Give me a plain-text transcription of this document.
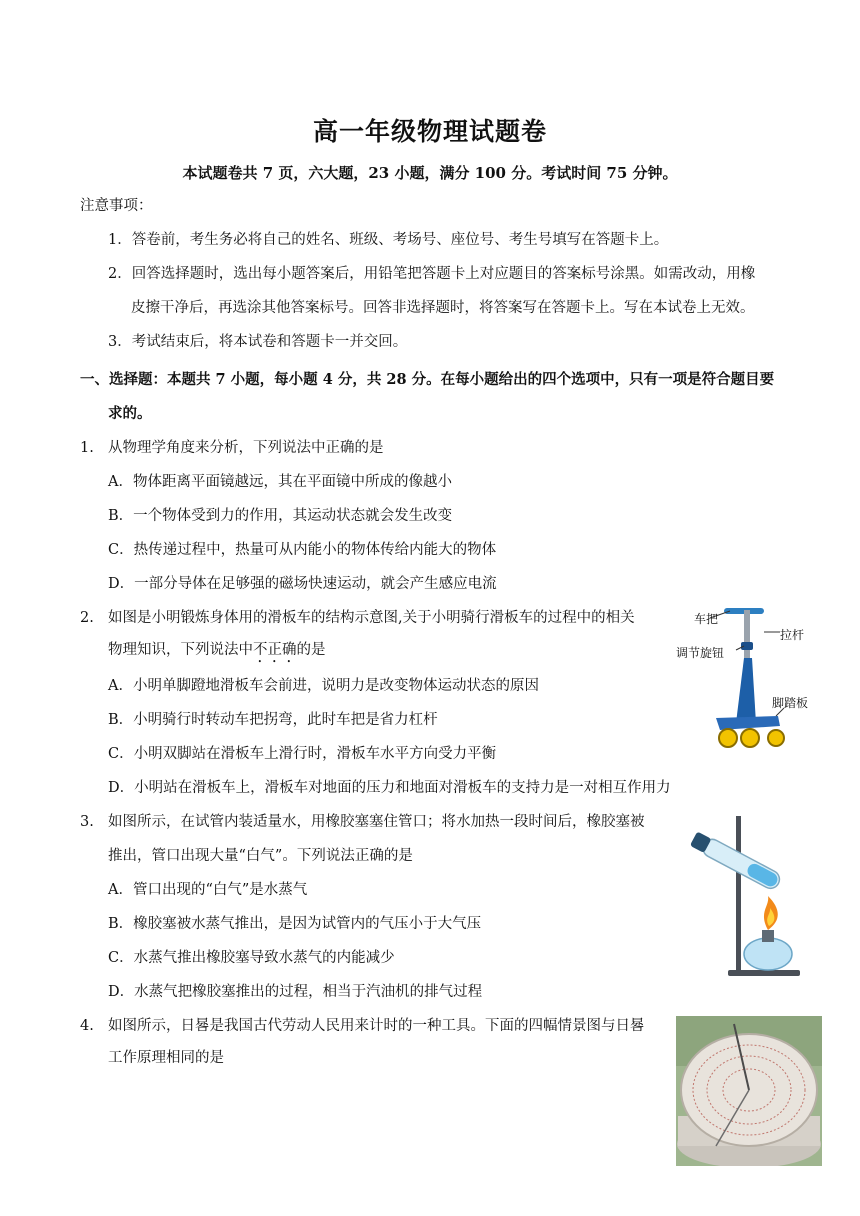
高一年级物理试题卷
本试题卷共 7 页，六大题，23 小题，满分 100 分。考试时间 75 分钟。
注意事项：
1．答卷前，考生务必将自己的姓名、班级、考场号、座位号、考生号填写在答题卡上。
2．回答选择题时，选出每小题答案后，用铅笔把答题卡上对应题目的答案标号涂黑。如需改动，用橡
皮擦干净后，再选涂其他答案标号。回答非选择题时，将答案写在答题卡上。写在本试卷上无效。
3．考试结束后，将本试卷和答题卡一并交回。
一、选择题：本题共 7 小题，每小题 4 分，共 28 分。在每小题给出的四个选项中，只有一项是符合题目要
求的。
1. 从物理学角度来分析，下列说法中正确的是
A．物体距离平面镜越远，其在平面镜中所成的像越小
B．一个物体受到力的作用，其运动状态就会发生改变
C．热传递过程中，热量可从内能小的物体传给内能大的物体
D．一部分导体在足够强的磁场快速运动，就会产生感应电流
2. 如图是小明锻炼身体用的滑板车的结构示意图,关于小明骑行滑板车的过程中的相关
物理知识，下列说法中不正确的是
A．小明单脚蹬地滑板车会前进，说明力是改变物体运动状态的原因
B．小明骑行时转动车把拐弯，此时车把是省力杠杆
C．小明双脚站在滑板车上滑行时，滑板车水平方向受力平衡
D．小明站在滑板车上，滑板车对地面的压力和地面对滑板车的支持力是一对相互作用力
车把
拉杆
调节旋钮
脚踏板
3. 如图所示，在试管内装适量水，用橡胶塞塞住管口；将水加热一段时间后，橡胶塞被
推出，管口出现大量“白气”。下列说法正确的是
A．管口出现的“白气”是水蒸气
B．橡胶塞被水蒸气推出，是因为试管内的气压小于大气压
C．水蒸气推出橡胶塞导致水蒸气的内能减少
D．水蒸气把橡胶塞推出的过程，相当于汽油机的排气过程
4. 如图所示，日晷是我国古代劳动人民用来计时的一种工具。下面的四幅情景图与日晷
工作原理相同的是
